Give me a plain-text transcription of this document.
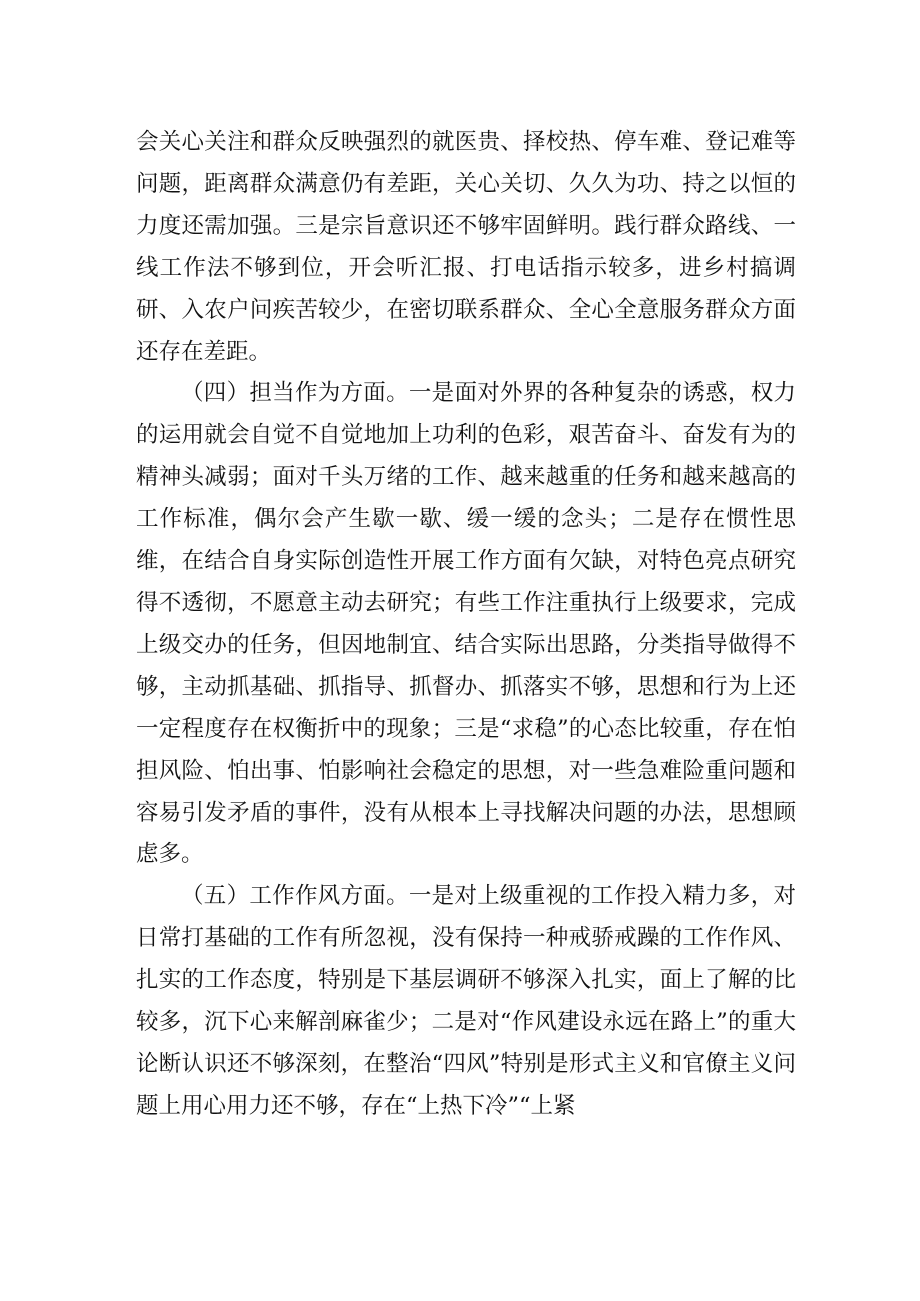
会关心关注和群众反映强烈的就医贵、择校热、停车难、登记难等问题，距离群众满意仍有差距，关心关切、久久为功、持之以恒的力度还需加强。三是宗旨意识还不够牢固鲜明。践行群众路线、一线工作法不够到位，开会听汇报、打电话指示较多，进乡村搞调研、入农户问疾苦较少，在密切联系群众、全心全意服务群众方面还存在差距。

（四）担当作为方面。一是面对外界的各种复杂的诱惑，权力的运用就会自觉不自觉地加上功利的色彩，艰苦奋斗、奋发有为的精神头减弱；面对千头万绪的工作、越来越重的任务和越来越高的工作标准，偶尔会产生歇一歇、缓一缓的念头；二是存在惯性思维，在结合自身实际创造性开展工作方面有欠缺，对特色亮点研究得不透彻，不愿意主动去研究；有些工作注重执行上级要求，完成上级交办的任务，但因地制宜、结合实际出思路，分类指导做得不够，主动抓基础、抓指导、抓督办、抓落实不够，思想和行为上还一定程度存在权衡折中的现象；三是“求稳”的心态比较重，存在怕担风险、怕出事、怕影响社会稳定的思想，对一些急难险重问题和容易引发矛盾的事件，没有从根本上寻找解决问题的办法，思想顾虑多。

（五）工作作风方面。一是对上级重视的工作投入精力多，对日常打基础的工作有所忽视，没有保持一种戒骄戒躁的工作作风、扎实的工作态度，特别是下基层调研不够深入扎实，面上了解的比较多，沉下心来解剖麻雀少；二是对“作风建设永远在路上”的重大论断认识还不够深刻，在整治“四风”特别是形式主义和官僚主义问题上用心用力还不够，存在“上热下冷”“上紧
